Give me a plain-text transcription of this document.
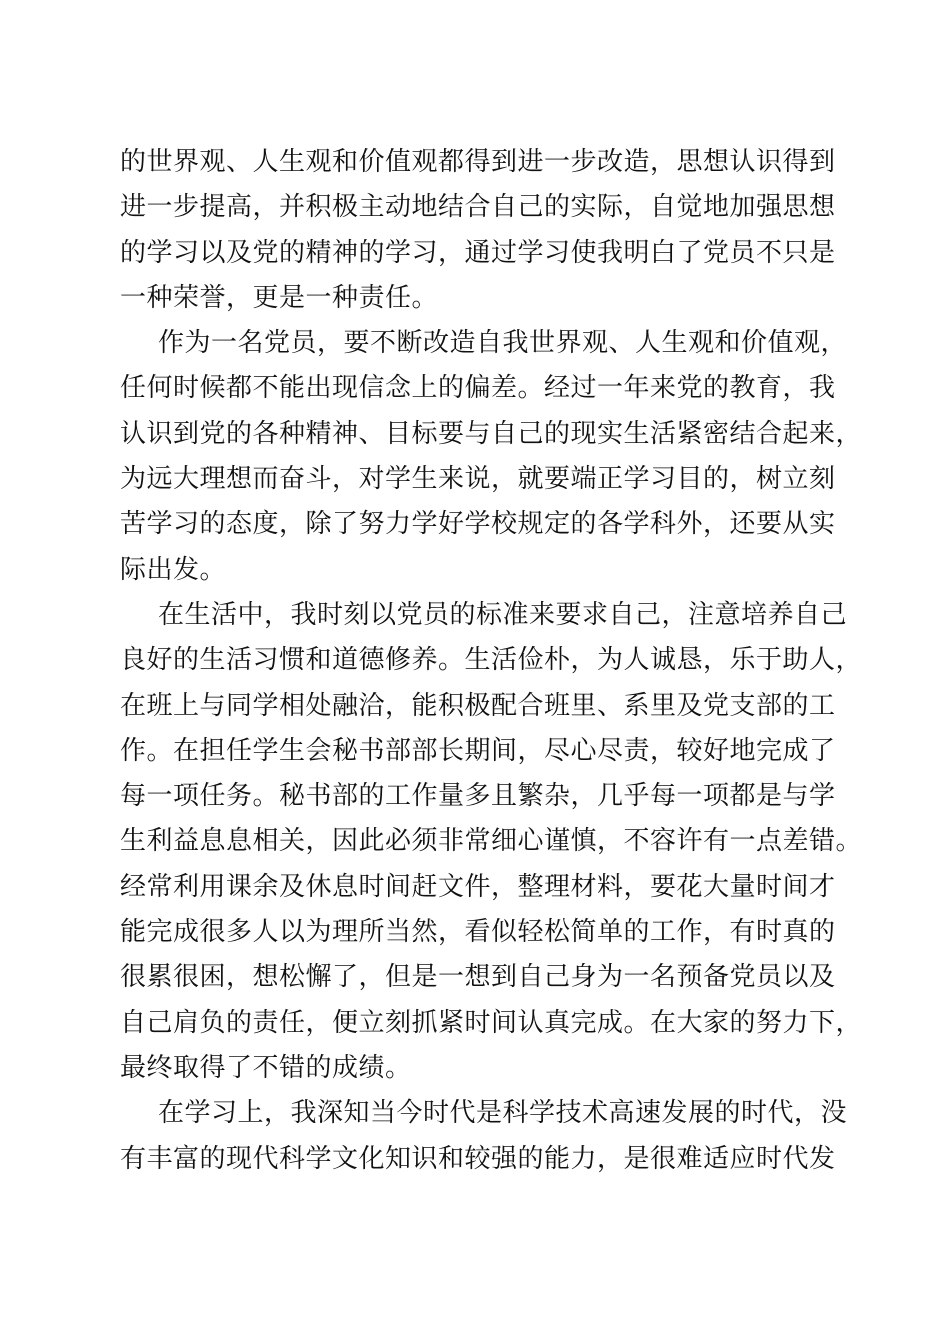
的世界观、人生观和价值观都得到进一步改造，思想认识得到
进一步提高，并积极主动地结合自己的实际，自觉地加强思想
的学习以及党的精神的学习，通过学习使我明白了党员不只是
一种荣誉，更是一种责任。
作为一名党员，要不断改造自我世界观、人生观和价值观，
任何时候都不能出现信念上的偏差。经过一年来党的教育，我
认识到党的各种精神、目标要与自己的现实生活紧密结合起来，
为远大理想而奋斗，对学生来说，就要端正学习目的，树立刻
苦学习的态度，除了努力学好学校规定的各学科外，还要从实
际出发。
在生活中，我时刻以党员的标准来要求自己，注意培养自己
良好的生活习惯和道德修养。生活俭朴，为人诚恳，乐于助人，
在班上与同学相处融洽，能积极配合班里、系里及党支部的工
作。在担任学生会秘书部部长期间，尽心尽责，较好地完成了
每一项任务。秘书部的工作量多且繁杂，几乎每一项都是与学
生利益息息相关，因此必须非常细心谨慎，不容许有一点差错。
经常利用课余及休息时间赶文件，整理材料，要花大量时间才
能完成很多人以为理所当然，看似轻松简单的工作，有时真的
很累很困，想松懈了，但是一想到自己身为一名预备党员以及
自己肩负的责任，便立刻抓紧时间认真完成。在大家的努力下，
最终取得了不错的成绩。
在学习上，我深知当今时代是科学技术高速发展的时代，没
有丰富的现代科学文化知识和较强的能力，是很难适应时代发
